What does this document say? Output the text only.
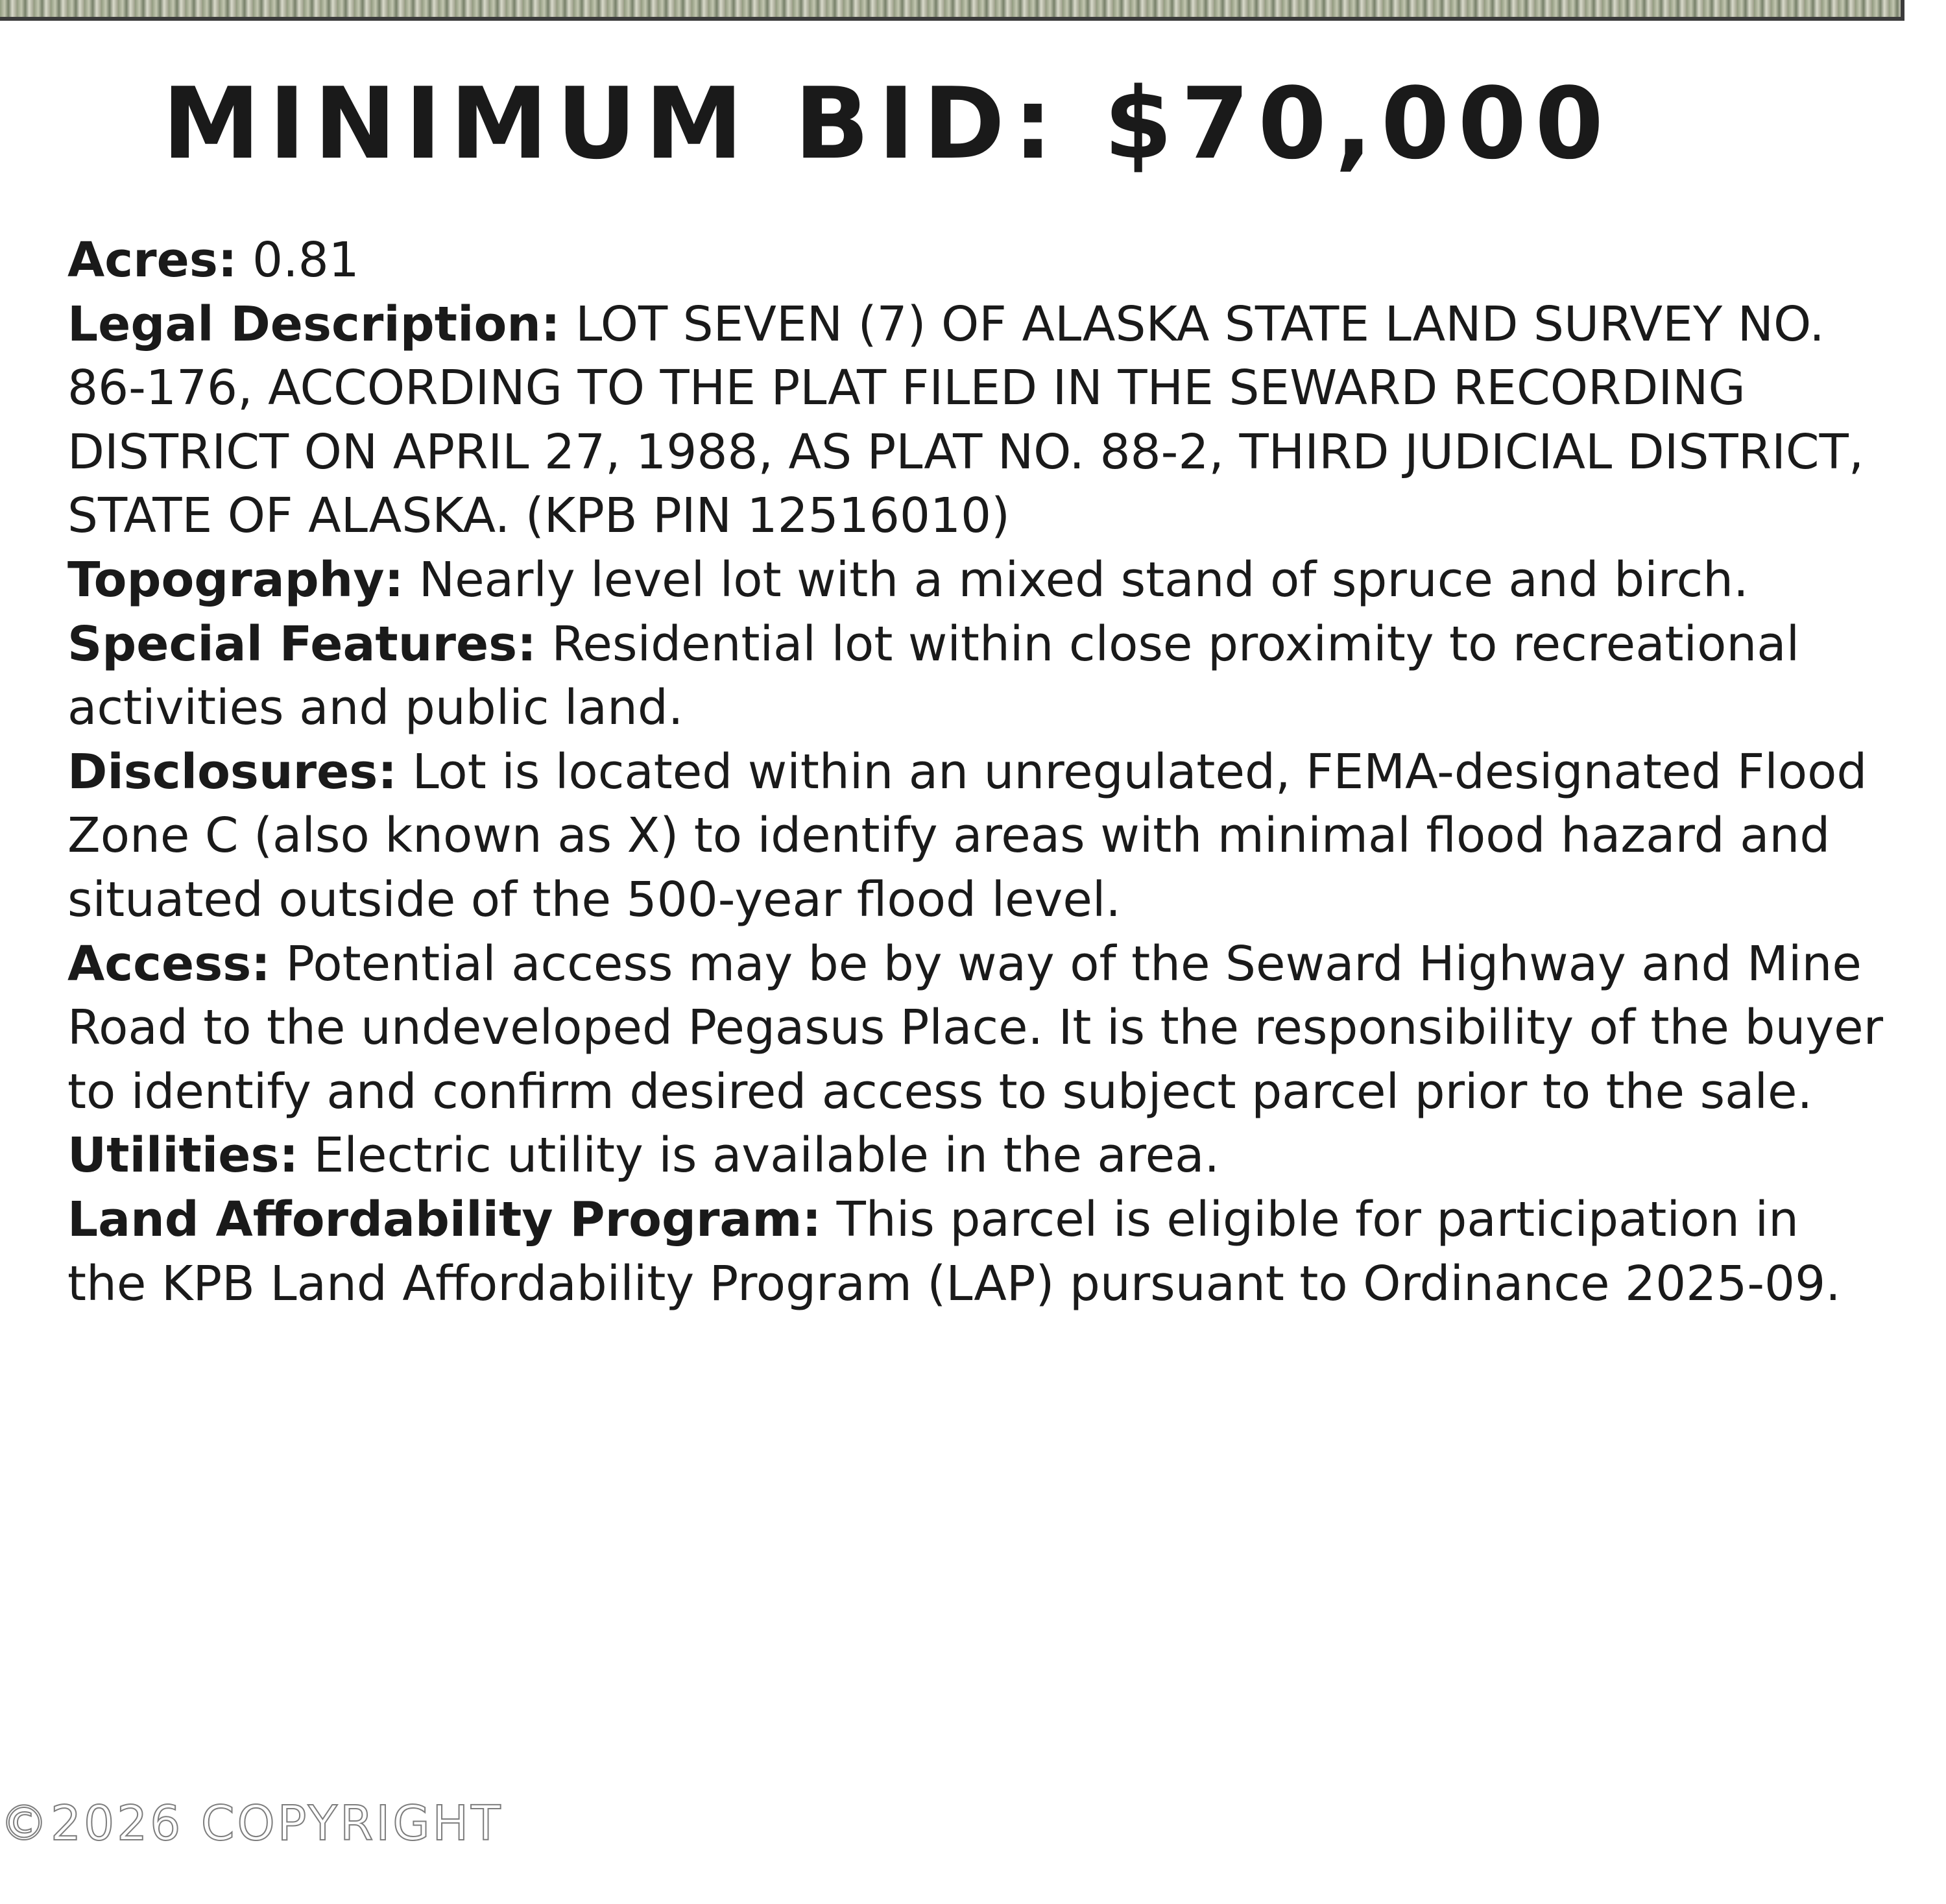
MINIMUM BID: $70,000

Acres: 0.81

Legal Description: LOT SEVEN (7) OF ALASKA STATE LAND SURVEY NO. 86-176, ACCORDING TO THE PLAT FILED IN THE SEWARD RECORDING DISTRICT ON APRIL 27, 1988, AS PLAT NO. 88-2, THIRD JUDICIAL DISTRICT, STATE OF ALASKA. (KPB PIN 12516010)

Topography: Nearly level lot with a mixed stand of spruce and birch.

Special Features: Residential lot within close proximity to recreational activities and public land.

Disclosures: Lot is located within an unregulated, FEMA-designated Flood Zone C (also known as X) to identify areas with minimal flood hazard and situated outside of the 500-year flood level.

Access: Potential access may be by way of the Seward Highway and Mine Road to the undeveloped Pegasus Place. It is the responsibility of the buyer to identify and confirm desired access to subject parcel prior to the sale.

Utilities: Electric utility is available in the area.

Land Affordability Program: This parcel is eligible for participation in the KPB Land Affordability Program (LAP) pursuant to Ordinance 2025-09.

©2026 COPYRIGHT
